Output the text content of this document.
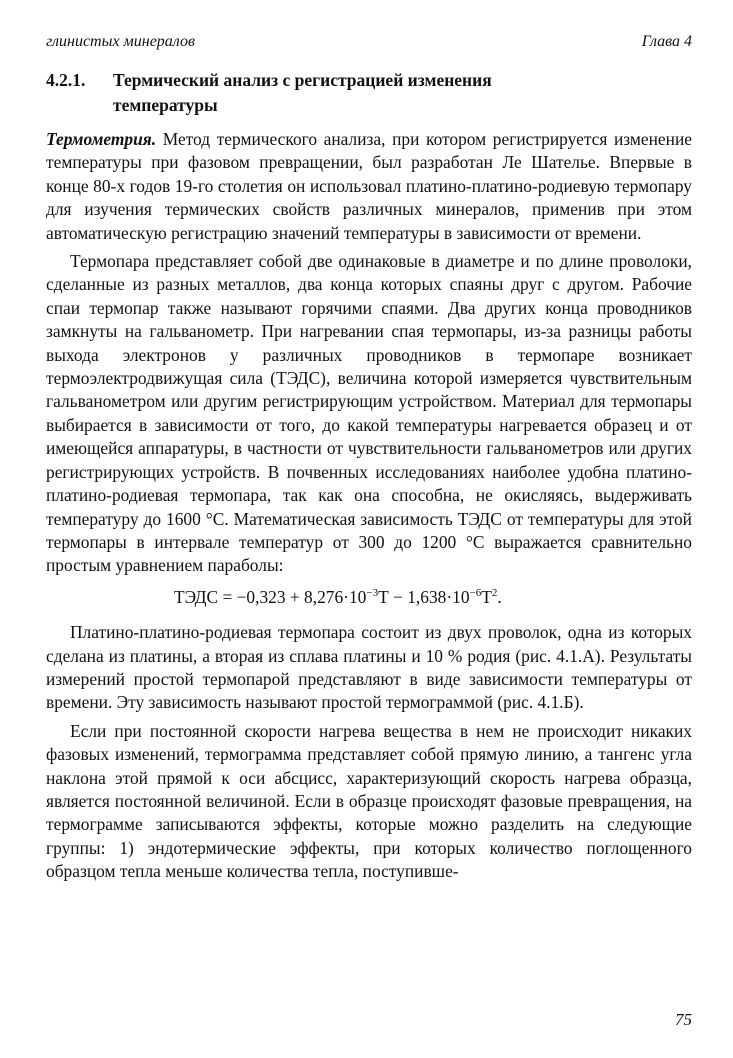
глинистых минералов	Глава 4
4.2.1. Термический анализ с регистрацией изменения температуры

Термометрия. Метод термического анализа, при котором регистрируется изменение температуры при фазовом превращении, был разработан Ле Шателье. Впервые в конце 80-х годов 19-го столетия он использовал платино-платино-родиевую термопару для изучения термических свойств различных минералов, применив при этом автоматическую регистрацию значений температуры в зависимости от времени.

Термопара представляет собой две одинаковые в диаметре и по длине проволоки, сделанные из разных металлов, два конца которых спаяны друг с другом. Рабочие спаи термопар также называют горячими спаями. Два других конца проводников замкнуты на гальванометр. При нагревании спая термопары, из-за разницы работы выхода электронов у различных проводников в термопаре возникает термоэлектродвижущая сила (ТЭДС), величина которой измеряется чувствительным гальванометром или другим регистрирующим устройством. Материал для термопары выбирается в зависимости от того, до какой температуры нагревается образец и от имеющейся аппаратуры, в частности от чувствительности гальванометров или других регистрирующих устройств. В почвенных исследованиях наиболее удобна платино-платино-родиевая термопара, так как она способна, не окисляясь, выдерживать температуру до 1600 °С. Математическая зависимость ТЭДС от температуры для этой термопары в интервале температур от 300 до 1200 °С выражается сравнительно простым уравнением параболы:

ТЭДС = $-0,323 + 8,276\cdot 10^{-3}Т - 1,638\cdot 10^{-6}Т^2$.

Платино-платино-родиевая термопара состоит из двух проволок, одна из которых сделана из платины, а вторая из сплава платины и 10 % родия (рис. 4.1.А). Результаты измерений простой термопарой представляют в виде зависимости температуры от времени. Эту зависимость называют простой термограммой (рис. 4.1.Б).

Если при постоянной скорости нагрева вещества в нем не происходит никаких фазовых изменений, термограмма представляет собой прямую линию, а тангенс угла наклона этой прямой к оси абсцисс, характеризующий скорость нагрева образца, является постоянной величиной. Если в образце происходят фазовые превращения, на термограмме записываются эффекты, которые можно разделить на следующие группы: 1) эндотермические эффекты, при которых количество поглощенного образцом тепла меньше количества тепла, поступивше-

75
